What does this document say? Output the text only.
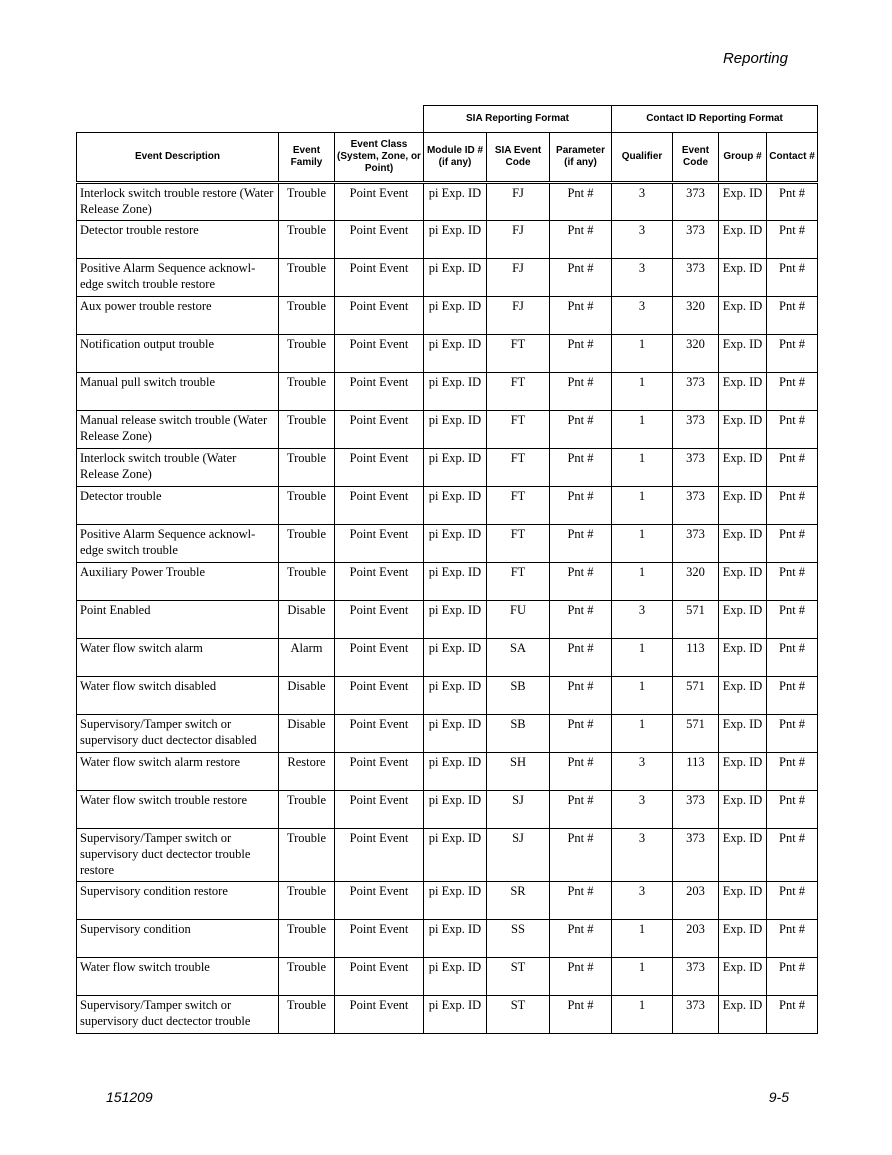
Reporting
			SIA Reporting Format			Contact ID Reporting Format			
Event Description	Event Family	Event Class (System, Zone, or Point)	Module ID # (if any)	SIA Event Code	Parameter (if any)	Qualifier	Event Code	Group #	Contact #
Interlock switch trouble restore (Water Release Zone)	Trouble	Point Event	pi Exp. ID	FJ	Pnt #	3	373	Exp. ID	Pnt #
Detector trouble restore	Trouble	Point Event	pi Exp. ID	FJ	Pnt #	3	373	Exp. ID	Pnt #
Positive Alarm Sequence acknowl-edge switch trouble restore	Trouble	Point Event	pi Exp. ID	FJ	Pnt #	3	373	Exp. ID	Pnt #
Aux power trouble restore	Trouble	Point Event	pi Exp. ID	FJ	Pnt #	3	320	Exp. ID	Pnt #
Notification output trouble	Trouble	Point Event	pi Exp. ID	FT	Pnt #	1	320	Exp. ID	Pnt #
Manual pull switch trouble	Trouble	Point Event	pi Exp. ID	FT	Pnt #	1	373	Exp. ID	Pnt #
Manual release switch trouble (Water Release Zone)	Trouble	Point Event	pi Exp. ID	FT	Pnt #	1	373	Exp. ID	Pnt #
Interlock switch trouble (Water Release Zone)	Trouble	Point Event	pi Exp. ID	FT	Pnt #	1	373	Exp. ID	Pnt #
Detector trouble	Trouble	Point Event	pi Exp. ID	FT	Pnt #	1	373	Exp. ID	Pnt #
Positive Alarm Sequence acknowl-edge switch trouble	Trouble	Point Event	pi Exp. ID	FT	Pnt #	1	373	Exp. ID	Pnt #
Auxiliary Power Trouble	Trouble	Point Event	pi Exp. ID	FT	Pnt #	1	320	Exp. ID	Pnt #
Point Enabled	Disable	Point Event	pi Exp. ID	FU	Pnt #	3	571	Exp. ID	Pnt #
Water flow switch alarm	Alarm	Point Event	pi Exp. ID	SA	Pnt #	1	113	Exp. ID	Pnt #
Water flow switch disabled	Disable	Point Event	pi Exp. ID	SB	Pnt #	1	571	Exp. ID	Pnt #
Supervisory/Tamper switch or supervisory duct dectector disabled	Disable	Point Event	pi Exp. ID	SB	Pnt #	1	571	Exp. ID	Pnt #
Water flow switch alarm restore	Restore	Point Event	pi Exp. ID	SH	Pnt #	3	113	Exp. ID	Pnt #
Water flow switch trouble restore	Trouble	Point Event	pi Exp. ID	SJ	Pnt #	3	373	Exp. ID	Pnt #
Supervisory/Tamper switch or supervisory duct dectector trouble restore	Trouble	Point Event	pi Exp. ID	SJ	Pnt #	3	373	Exp. ID	Pnt #
Supervisory condition restore	Trouble	Point Event	pi Exp. ID	SR	Pnt #	3	203	Exp. ID	Pnt #
Supervisory condition	Trouble	Point Event	pi Exp. ID	SS	Pnt #	1	203	Exp. ID	Pnt #
Water flow switch trouble	Trouble	Point Event	pi Exp. ID	ST	Pnt #	1	373	Exp. ID	Pnt #
Supervisory/Tamper switch or supervisory duct dectector trouble	Trouble	Point Event	pi Exp. ID	ST	Pnt #	1	373	Exp. ID	Pnt #
151209	9-5
